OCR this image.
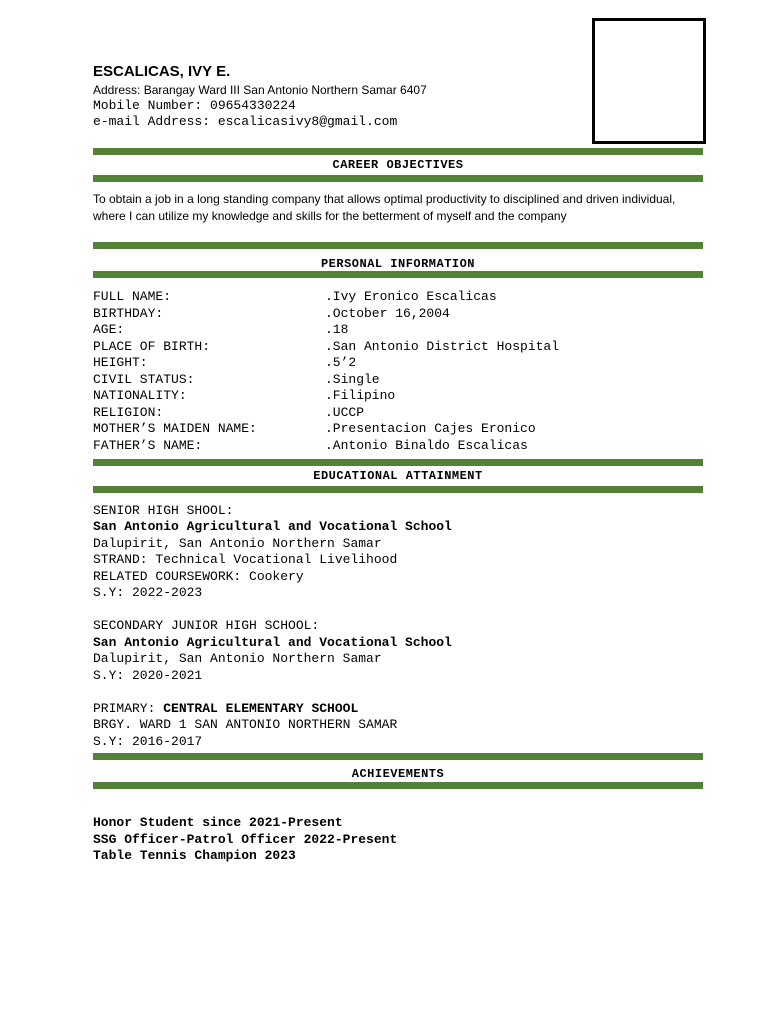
ESCALICAS, IVY E.
Address: Barangay Ward III San Antonio Northern Samar 6407
Mobile Number: 09654330224
e-mail Address: escalicasivy8@gmail.com
CAREER OBJECTIVES
To obtain a job in a long standing company that allows optimal productivity to disciplined and driven individual, where I can utilize my knowledge and skills for the betterment of myself and the company
PERSONAL INFORMATION
FULL NAME:	.Ivy Eronico Escalicas
BIRTHDAY:	.October 16,2004
AGE:	.18
PLACE OF BIRTH:	.San Antonio District Hospital
HEIGHT:	.5’2
CIVIL STATUS:	.Single
NATIONALITY:	.Filipino
RELIGION:	.UCCP
MOTHER’S MAIDEN NAME:	.Presentacion Cajes Eronico
FATHER’S NAME:	.Antonio Binaldo Escalicas
EDUCATIONAL ATTAINMENT
SENIOR HIGH SHOOL:
San Antonio Agricultural and Vocational School
Dalupirit, San Antonio Northern Samar
STRAND: Technical Vocational Livelihood
RELATED COURSEWORK: Cookery
S.Y: 2022-2023
SECONDARY JUNIOR HIGH SCHOOL:
San Antonio Agricultural and Vocational School
Dalupirit, San Antonio Northern Samar
S.Y: 2020-2021
PRIMARY: CENTRAL ELEMENTARY SCHOOL
BRGY. WARD 1 SAN ANTONIO NORTHERN SAMAR
S.Y: 2016-2017
ACHIEVEMENTS
Honor Student since 2021-Present
SSG Officer-Patrol Officer 2022-Present
Table Tennis Champion 2023
